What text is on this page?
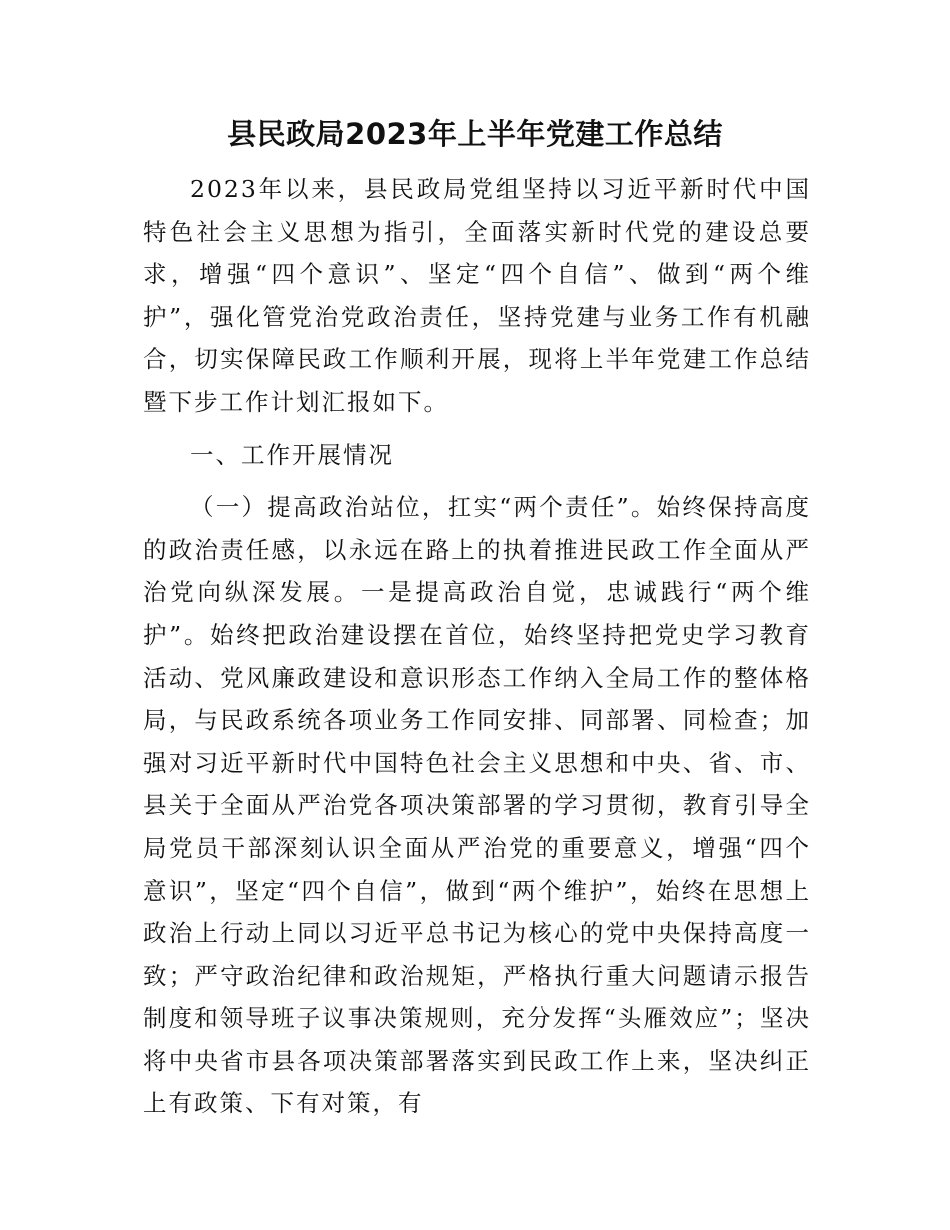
县民政局2023年上半年党建工作总结

2023年以来，县民政局党组坚持以习近平新时代中国特色社会主义思想为指引，全面落实新时代党的建设总要求，增强“四个意识”、坚定“四个自信”、做到“两个维护”，强化管党治党政治责任，坚持党建与业务工作有机融合，切实保障民政工作顺利开展，现将上半年党建工作总结暨下步工作计划汇报如下。

一、工作开展情况

（一）提高政治站位，扛实“两个责任”。始终保持高度的政治责任感，以永远在路上的执着推进民政工作全面从严治党向纵深发展。一是提高政治自觉，忠诚践行“两个维护”。始终把政治建设摆在首位，始终坚持把党史学习教育活动、党风廉政建设和意识形态工作纳入全局工作的整体格局，与民政系统各项业务工作同安排、同部署、同检查；加强对习近平新时代中国特色社会主义思想和中央、省、市、县关于全面从严治党各项决策部署的学习贯彻，教育引导全局党员干部深刻认识全面从严治党的重要意义，增强“四个意识”，坚定“四个自信”，做到“两个维护”，始终在思想上政治上行动上同以习近平总书记为核心的党中央保持高度一致；严守政治纪律和政治规矩，严格执行重大问题请示报告制度和领导班子议事决策规则，充分发挥“头雁效应”；坚决将中央省市县各项决策部署落实到民政工作上来，坚决纠正上有政策、下有对策，有
